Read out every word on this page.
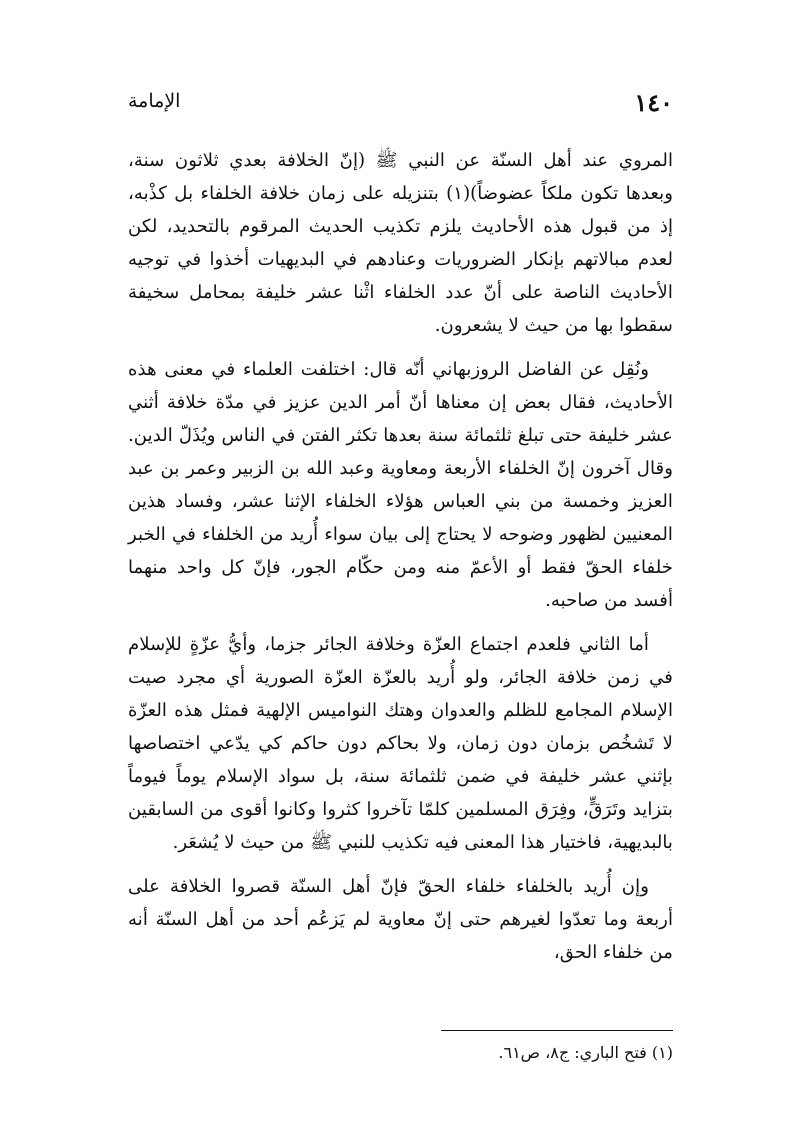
١٤٠
الإمامة

المروي عند أهل السنّة عن النبي ﷺ (إنّ الخلافة بعدي ثلاثون سنة، وبعدها تكون ملكاً عضوضاً)(١) بتنزيله على زمان خلافة الخلفاء بل كذْبه، إذ من قبول هذه الأحاديث يلزم تكذيب الحديث المرقوم بالتحديد، لكن لعدم مبالاتهم بإنكار الضروريات وعنادهم في البديهيات أخذوا في توجيه الأحاديث الناصة على أنّ عدد الخلفاء اثْنا عشر خليفة بمحامل سخيفة سقطوا بها من حيث لا يشعرون.

ونُقِل عن الفاضل الروزبهاني أنّه قال: اختلفت العلماء في معنى هذه الأحاديث، فقال بعض إن معناها أنّ أمر الدين عزيز في مدّة خلافة أثني عشر خليفة حتى تبلغ ثلثمائة سنة بعدها تكثر الفتن في الناس ويُذَلّ الدين. وقال آخرون إنّ الخلفاء الأربعة ومعاوية وعبد الله بن الزبير وعمر بن عبد العزيز وخمسة من بني العباس هؤلاء الخلفاء الإثنا عشر، وفساد هذين المعنيين لظهور وضوحه لا يحتاج إلى بيان سواء أُريد من الخلفاء في الخبر خلفاء الحقّ فقط أو الأعمّ منه ومن حكّام الجور، فإنّ كل واحد منهما أفسد من صاحبه.

أما الثاني فلعدم اجتماع العزّة وخلافة الجائر جزما، وأيُّ عزّةٍ للإسلام في زمن خلافة الجائر، ولو أُريد بالعزّة العزّة الصورية أي مجرد صيت الإسلام المجامع للظلم والعدوان وهتك النواميس الإلهية فمثل هذه العزّة لا تَشخُص بزمان دون زمان، ولا بحاكم دون حاكم كي يدّعي اختصاصها بإثني عشر خليفة في ضمن ثلثمائة سنة، بل سواد الإسلام يوماً فيوماً بتزايد وتَرَقٍّ، وفِرَق المسلمين كلمّا تآخروا كثروا وكانوا أقوى من السابقين بالبديهية، فاختيار هذا المعنى فيه تكذيب للنبي ﷺ من حيث لا يُشعَر.

وإن أُريد بالخلفاء خلفاء الحقّ فإنّ أهل السنّة قصروا الخلافة على أربعة وما تعدّوا لغيرهم حتى إنّ معاوية لم يَزعُم أحد من أهل السنّة أنه من خلفاء الحق،

(١) فتح الباري: ج٨، ص٦١.
